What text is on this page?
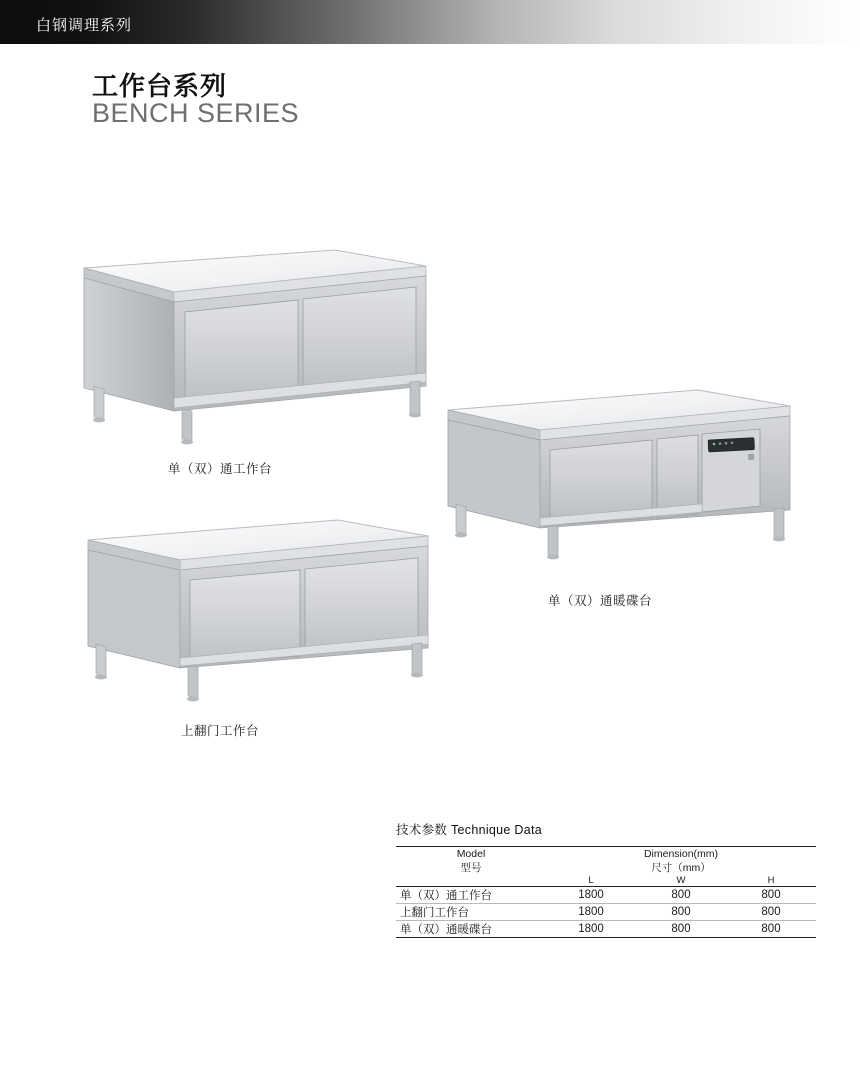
白钢调理系列
工作台系列
BENCH SERIES
单（双）通工作台
单（双）通暖碟台
上翻门工作台
技术参数 Technique Data
Model
型号

Dimension(mm)
尺寸（mm）

	L	W	H
单（双）通工作台	1800	800	800
上翻门工作台	1800	800	800
单（双）通暖碟台	1800	800	800
